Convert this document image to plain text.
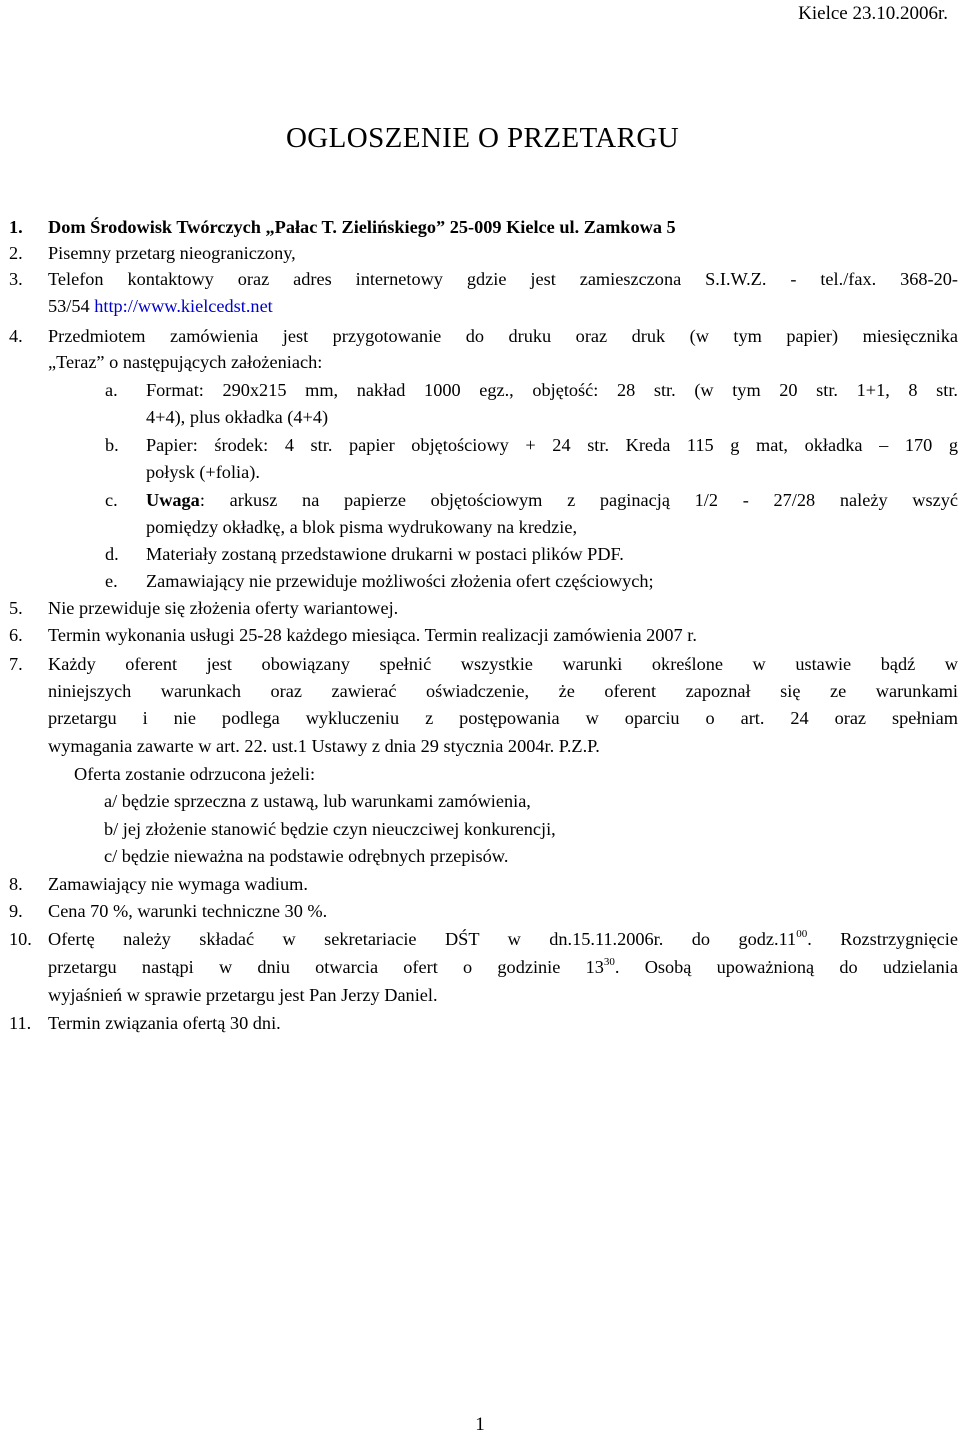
Kielce 23.10.2006r.
OGLOSZENIE O PRZETARGU
1. Dom Środowisk Twórczych „Pałac T. Zielińskiego” 25-009 Kielce ul. Zamkowa 5
2. Pisemny przetarg nieograniczony,
3. Telefon kontaktowy oraz adres internetowy gdzie jest zamieszczona S.I.W.Z. - tel./fax. 368-20-
53/54 http://www.kielcedst.net
4. Przedmiotem zamówienia jest przygotowanie do druku oraz druk (w tym papier) miesięcznika
„Teraz” o następujących założeniach:
a. Format: 290x215 mm, nakład 1000 egz., objętość: 28 str. (w tym 20 str. 1+1, 8 str.
4+4), plus okładka (4+4)
b. Papier: środek: 4 str. papier objętościowy + 24 str. Kreda 115 g mat, okładka – 170 g
połysk (+folia).
c. Uwaga: arkusz na papierze objętościowym z paginacją 1/2 - 27/28 należy wszyć
pomiędzy okładkę, a blok pisma wydrukowany na kredzie,
d. Materiały zostaną przedstawione drukarni w postaci plików PDF.
e. Zamawiający nie przewiduje możliwości złożenia ofert częściowych;
5. Nie przewiduje się złożenia oferty wariantowej.
6. Termin wykonania usługi 25-28 każdego miesiąca. Termin realizacji zamówienia 2007 r.
7. Każdy oferent jest obowiązany spełnić wszystkie warunki określone w ustawie bądź w
niniejszych warunkach oraz zawierać oświadczenie, że oferent zapoznał się ze warunkami
przetargu i nie podlega wykluczeniu z postępowania w oparciu o art. 24 oraz spełniam
wymagania zawarte w art. 22. ust.1 Ustawy z dnia 29 stycznia 2004r. P.Z.P.
Oferta zostanie odrzucona jeżeli:
a/ będzie sprzeczna z ustawą, lub warunkami zamówienia,
b/ jej złożenie stanowić będzie czyn nieuczciwej konkurencji,
c/ będzie nieważna na podstawie odrębnych przepisów.
8. Zamawiający nie wymaga wadium.
9. Cena 70 %, warunki techniczne 30 %.
10. Ofertę należy składać w sekretariacie DŚT w dn.15.11.2006r. do $godz.11^{00}$. Rozstrzygnięcie
przetargu nastąpi w dniu otwarcia ofert o godzinie $13^{30}$. Osobą upoważnioną do udzielania
wyjaśnień w sprawie przetargu jest Pan Jerzy Daniel.
11. Termin związania ofertą 30 dni.
1
